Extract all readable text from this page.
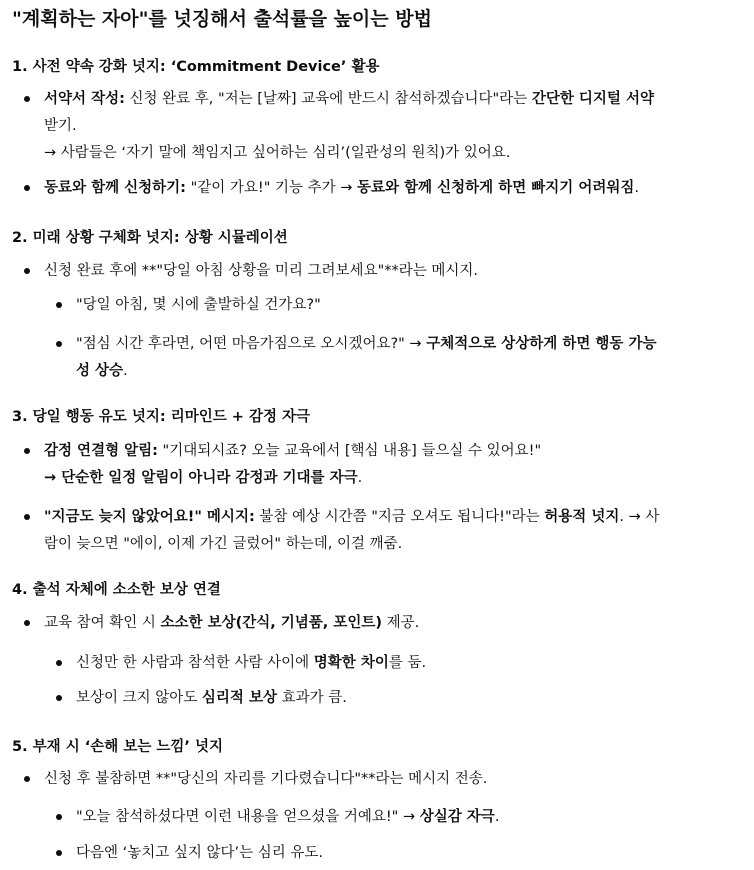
"계획하는 자아"를 넛징해서 출석률을 높이는 방법
1. 사전 약속 강화 넛지: ‘Commitment Device’ 활용
서약서 작성: 신청 완료 후, "저는 [날짜] 교육에 반드시 참석하겠습니다"라는 간단한 디지털 서약
받기.
→ 사람들은 ‘자기 말에 책임지고 싶어하는 심리’(일관성의 원칙)가 있어요.
동료와 함께 신청하기: "같이 가요!" 기능 추가 → 동료와 함께 신청하게 하면 빠지기 어려워짐.
2. 미래 상황 구체화 넛지: 상황 시뮬레이션
신청 완료 후에 **"당일 아침 상황을 미리 그려보세요"**라는 메시지.
"당일 아침, 몇 시에 출발하실 건가요?"
"점심 시간 후라면, 어떤 마음가짐으로 오시겠어요?" → 구체적으로 상상하게 하면 행동 가능
성 상승.
3. 당일 행동 유도 넛지: 리마인드 + 감정 자극
감정 연결형 알림: "기대되시죠? 오늘 교육에서 [핵심 내용] 들으실 수 있어요!"
→ 단순한 일정 알림이 아니라 감정과 기대를 자극.
"지금도 늦지 않았어요!" 메시지: 불참 예상 시간쯤 "지금 오셔도 됩니다!"라는 허용적 넛지. → 사
람이 늦으면 "에이, 이제 가긴 글렀어" 하는데, 이걸 깨줌.
4. 출석 자체에 소소한 보상 연결
교육 참여 확인 시 소소한 보상(간식, 기념품, 포인트) 제공.
신청만 한 사람과 참석한 사람 사이에 명확한 차이를 둠.
보상이 크지 않아도 심리적 보상 효과가 큼.
5. 부재 시 ‘손해 보는 느낌’ 넛지
신청 후 불참하면 **"당신의 자리를 기다렸습니다"**라는 메시지 전송.
"오늘 참석하셨다면 이런 내용을 얻으셨을 거예요!" → 상실감 자극.
다음엔 ‘놓치고 싶지 않다’는 심리 유도.
